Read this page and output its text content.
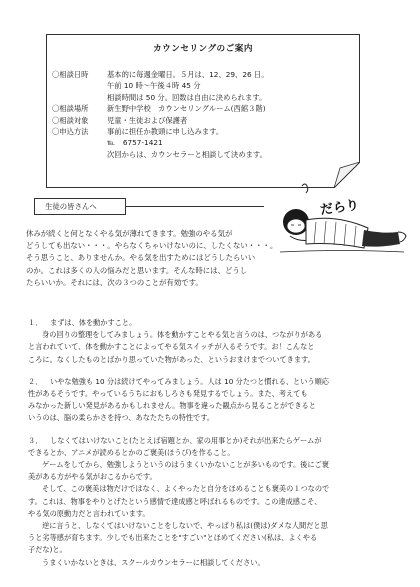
カウンセリングのご案内
〇相談日時	基本的に毎週金曜日。５月は、12、29、26 日。
午前 10 時～午後４時 45 分
相談時間は 50 分。回数は自由に決められます。
〇相談場所	新生野中学校　カウンセリングルーム(西館３階)
〇相談対象	児童・生徒および保護者
〇申込方法	事前に担任か教頭に申し込みます。
℡ 6757-1421
次回からは、カウンセラーと相談して決めます。
生徒の皆さんへ	だらり

休みが続くと何となくやる気が薄れてきます。勉強のやる気が

どうしても出ない・・・。やらなくちゃいけないのに、したくない・・・。

そう思うこと、ありませんか。やる気を出すためにはどうしたらいい

のか。これは多くの人の悩みだと思います。そんな時には、どうし

たらいいか。それには、次の３つのことが有効です。

１．	まずは、体を動かすこと。

身の回りの整理をしてみましょう。体を動かすことやる気と言うのは、つながりがある

と言われていて、体を動かすことによってやる気スイッチが入るそうです。お！こんなと

ころに。なくしたものとばかり思っていた物があった、というおまけまでついてきます。

２．	いやな勉強も 10 分は続けてやってみましょう。人は 10 分たつと慣れる、という順応

性があるそうです。やっているうちにおもしろさも発見するでしょう。また、考えても

みなかった新しい発見があるかもしれません。物事を違った観点から見ることができると

いうのは、脳の柔らかさを持つ、あなたたちの特性です。

３．	しなくてはいけないこと(たとえば宿題とか、家の用事とか)それが出来たらゲームが

できるとか、アニメが読めるとかのご褒美(ほうび)を作ること。

ゲームをしてから、勉強しようというのはうまくいかないことが多いものです。後にご褒

美がある方がやる気がおこるからです。

そして、この褒美は物だけではなく、よくやったと自分をほめることも褒美の１つなので

す。これは、物事をやりとげたという感情で達成感と呼ばれるものです。この達成感こそ、

やる気の原動力だと言われています。

逆に言うと、しなくてはいけないことをしないで、やっぱり私は(僕は)ダメな人間だと思

うと劣等感が育ちます。少しでも出来たことを"すごい"とほめてください(私は、よくやる

子だな)と。

うまくいかないときは、スクールカウンセラーに相談してください。
